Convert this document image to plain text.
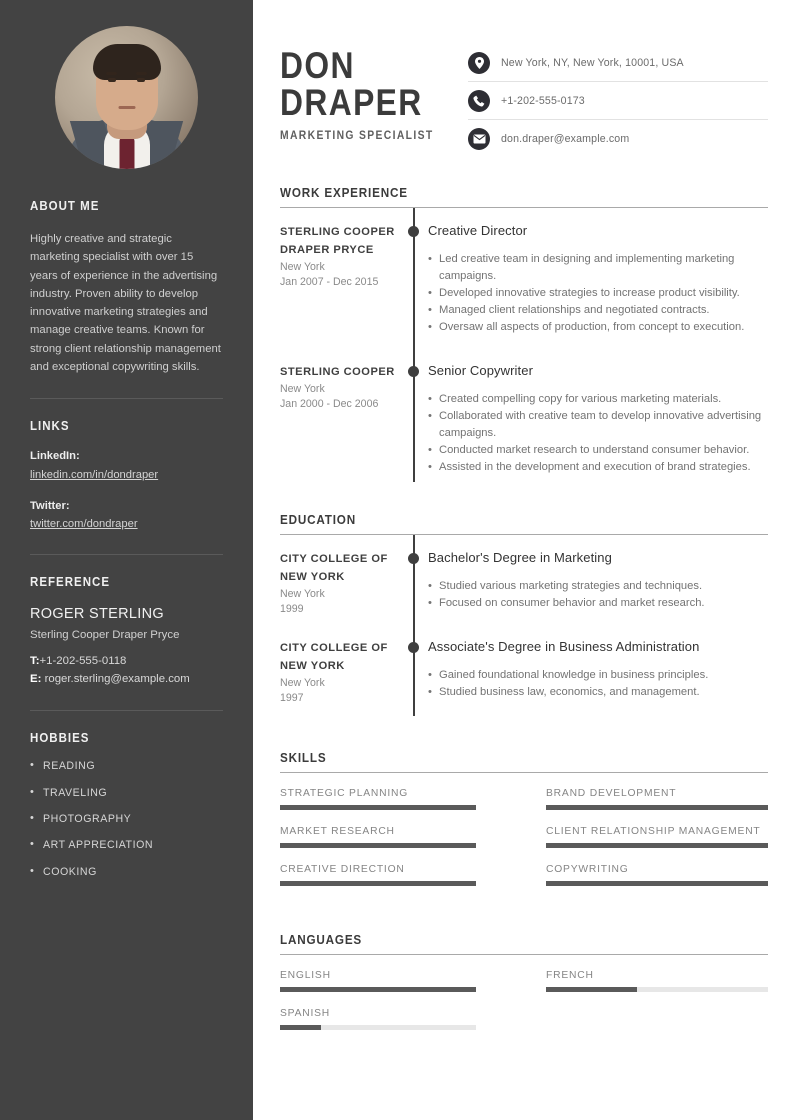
ABOUT ME

Highly creative and strategic marketing specialist with over 15 years of experience in the advertising industry. Proven ability to develop innovative marketing strategies and manage creative teams. Known for strong client relationship management and exceptional copywriting skills.

LINKS
LinkedIn:
linkedin.com/in/dondraper
Twitter:
twitter.com/dondraper
REFERENCE
ROGER STERLING
Sterling Cooper Draper Pryce
T:+1-202-555-0118
E: roger.sterling@example.com
HOBBIES
• READING
• TRAVELING
• PHOTOGRAPHY
• ART APPRECIATION
• COOKING
DON
DRAPER
MARKETING SPECIALIST
New York, NY, New York, 10001, USA
+1-202-555-0173
don.draper@example.com
WORK EXPERIENCE
STERLING COOPER DRAPER PRYCE
New York
Jan 2007 - Dec 2015
Creative Director
• Led creative team in designing and implementing marketing campaigns.
• Developed innovative strategies to increase product visibility.
• Managed client relationships and negotiated contracts.
• Oversaw all aspects of production, from concept to execution.
STERLING COOPER
New York
Jan 2000 - Dec 2006
Senior Copywriter
• Created compelling copy for various marketing materials.
• Collaborated with creative team to develop innovative advertising campaigns.
• Conducted market research to understand consumer behavior.
• Assisted in the development and execution of brand strategies.
EDUCATION
CITY COLLEGE OF NEW YORK
New York
1999
Bachelor's Degree in Marketing
• Studied various marketing strategies and techniques.
• Focused on consumer behavior and market research.
CITY COLLEGE OF NEW YORK
New York
1997
Associate's Degree in Business Administration
• Gained foundational knowledge in business principles.
• Studied business law, economics, and management.
SKILLS
STRATEGIC PLANNING	BRAND DEVELOPMENT
MARKET RESEARCH	CLIENT RELATIONSHIP MANAGEMENT
CREATIVE DIRECTION	COPYWRITING
LANGUAGES
ENGLISH	FRENCH
SPANISH
